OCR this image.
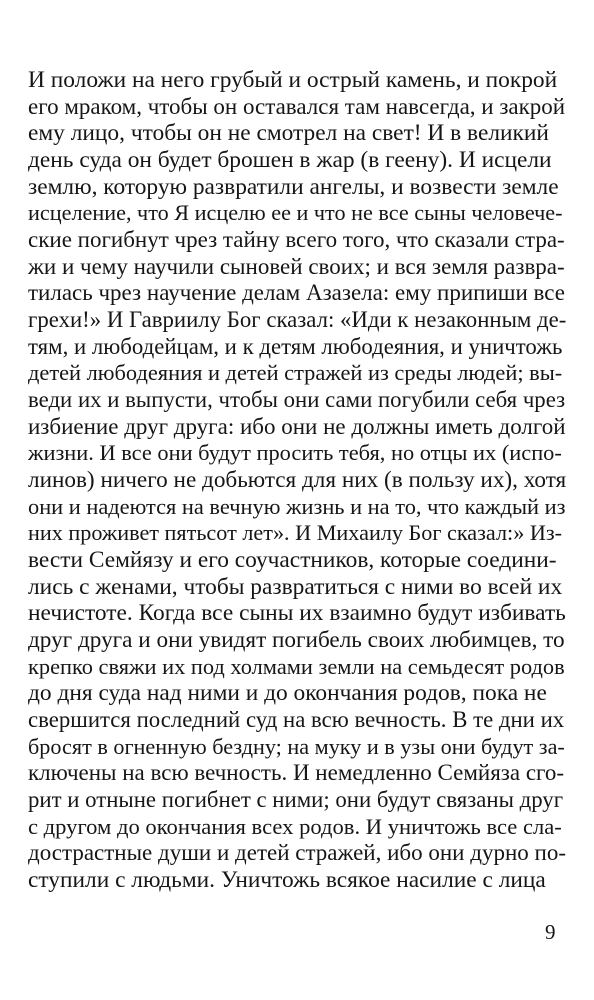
И положи на него грубый и острый камень, и покрой
его мраком, чтобы он оставался там навсегда, и закрой
ему лицо, чтобы он не смотрел на свет! И в великий
день суда он будет брошен в жар (в геену). И исцели
землю, которую развратили ангелы, и возвести земле
исцеление, что Я исцелю ее и что не все сыны человече-
ские погибнут чрез тайну всего того, что сказали стра-
жи и чему научили сыновей своих; и вся земля развра-
тилась чрез научение делам Азазела: ему припиши все
грехи!» И Гавриилу Бог сказал: «Иди к незаконным де-
тям, и любодейцам, и к детям любодеяния, и уничтожь
детей любодеяния и детей стражей из среды людей; вы-
веди их и выпусти, чтобы они сами погубили себя чрез
избиение друг друга: ибо они не должны иметь долгой
жизни. И все они будут просить тебя, но отцы их (испо-
линов) ничего не добьются для них (в пользу их), хотя
они и надеются на вечную жизнь и на то, что каждый из
них проживет пятьсот лет». И Михаилу Бог сказал:» Из-
вести Семйязу и его соучастников, которые соедини-
лись с женами, чтобы развратиться с ними во всей их
нечистоте. Когда все сыны их взаимно будут избивать
друг друга и они увидят погибель своих любимцев, то
крепко свяжи их под холмами земли на семьдесят родов
до дня суда над ними и до окончания родов, пока не
свершится последний суд на всю вечность. В те дни их
бросят в огненную бездну; на муку и в узы они будут за-
ключены на всю вечность. И немедленно Семйяза сго-
рит и отныне погибнет с ними; они будут связаны друг
с другом до окончания всех родов. И уничтожь все сла-
дострастные души и детей стражей, ибо они дурно по-
ступили с людьми. Уничтожь всякое насилие с лица
9
